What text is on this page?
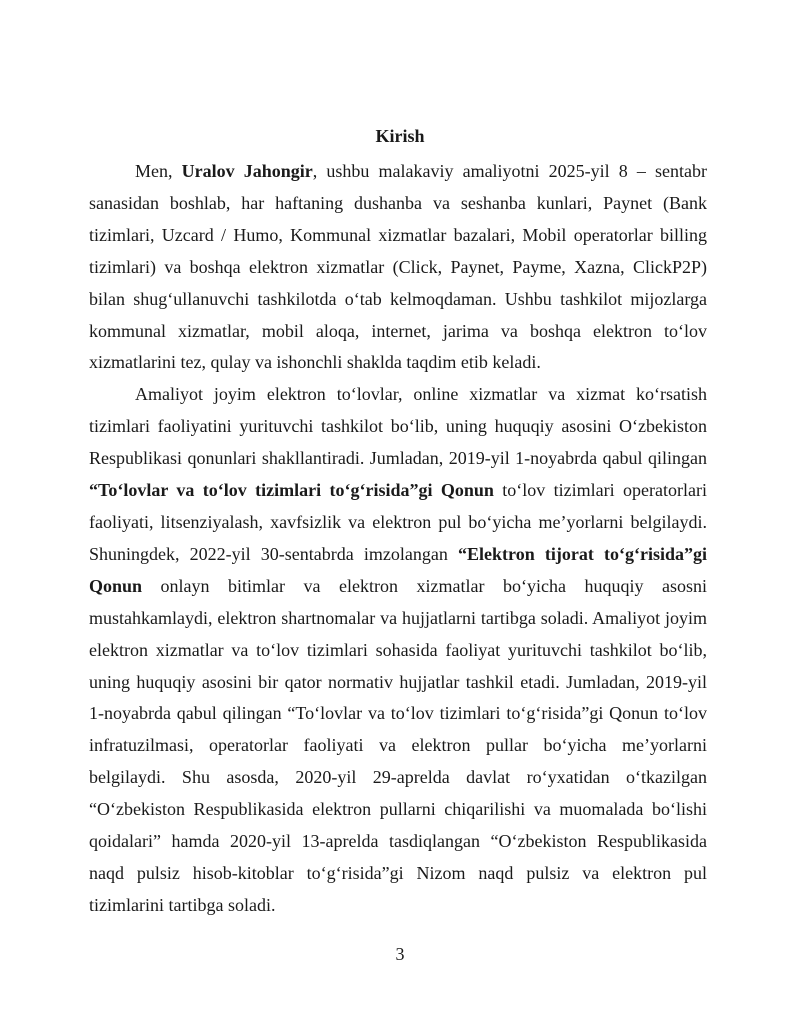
Kirish

Men, Uralov Jahongir, ushbu malakaviy amaliyotni 2025-yil 8 – sentabr sanasidan boshlab, har haftaning dushanba va seshanba kunlari, Paynet (Bank tizimlari, Uzcard / Humo, Kommunal xizmatlar bazalari, Mobil operatorlar billing tizimlari) va boshqa elektron xizmatlar (Click, Paynet, Payme, Xazna, ClickP2P) bilan shug‘ullanuvchi tashkilotda o‘tab kelmoqdaman. Ushbu tashkilot mijozlarga kommunal xizmatlar, mobil aloqa, internet, jarima va boshqa elektron to‘lov xizmatlarini tez, qulay va ishonchli shaklda taqdim etib keladi.

Amaliyot joyim elektron to‘lovlar, online xizmatlar va xizmat ko‘rsatish tizimlari faoliyatini yurituvchi tashkilot bo‘lib, uning huquqiy asosini O‘zbekiston Respublikasi qonunlari shakllantiradi. Jumladan, 2019-yil 1-noyabrda qabul qilingan “To‘lovlar va to‘lov tizimlari to‘g‘risida”gi Qonun to‘lov tizimlari operatorlari faoliyati, litsenziyalash, xavfsizlik va elektron pul bo‘yicha me’yorlarni belgilaydi. Shuningdek, 2022-yil 30-sentabrda imzolangan “Elektron tijorat to‘g‘risida”gi Qonun onlayn bitimlar va elektron xizmatlar bo‘yicha huquqiy asosni mustahkamlaydi, elektron shartnomalar va hujjatlarni tartibga soladi. Amaliyot joyim elektron xizmatlar va to‘lov tizimlari sohasida faoliyat yurituvchi tashkilot bo‘lib, uning huquqiy asosini bir qator normativ hujjatlar tashkil etadi. Jumladan, 2019-yil 1-noyabrda qabul qilingan “To‘lovlar va to‘lov tizimlari to‘g‘risida”gi Qonun to‘lov infratuzilmasi, operatorlar faoliyati va elektron pullar bo‘yicha me’yorlarni belgilaydi. Shu asosda, 2020-yil 29-aprelda davlat ro‘yxatidan o‘tkazilgan “O‘zbekiston Respublikasida elektron pullarni chiqarilishi va muomalada bo‘lishi qoidalari” hamda 2020-yil 13-aprelda tasdiqlangan “O‘zbekiston Respublikasida naqd pulsiz hisob-kitoblar to‘g‘risida”gi Nizom naqd pulsiz va elektron pul tizimlarini tartibga soladi.

3
